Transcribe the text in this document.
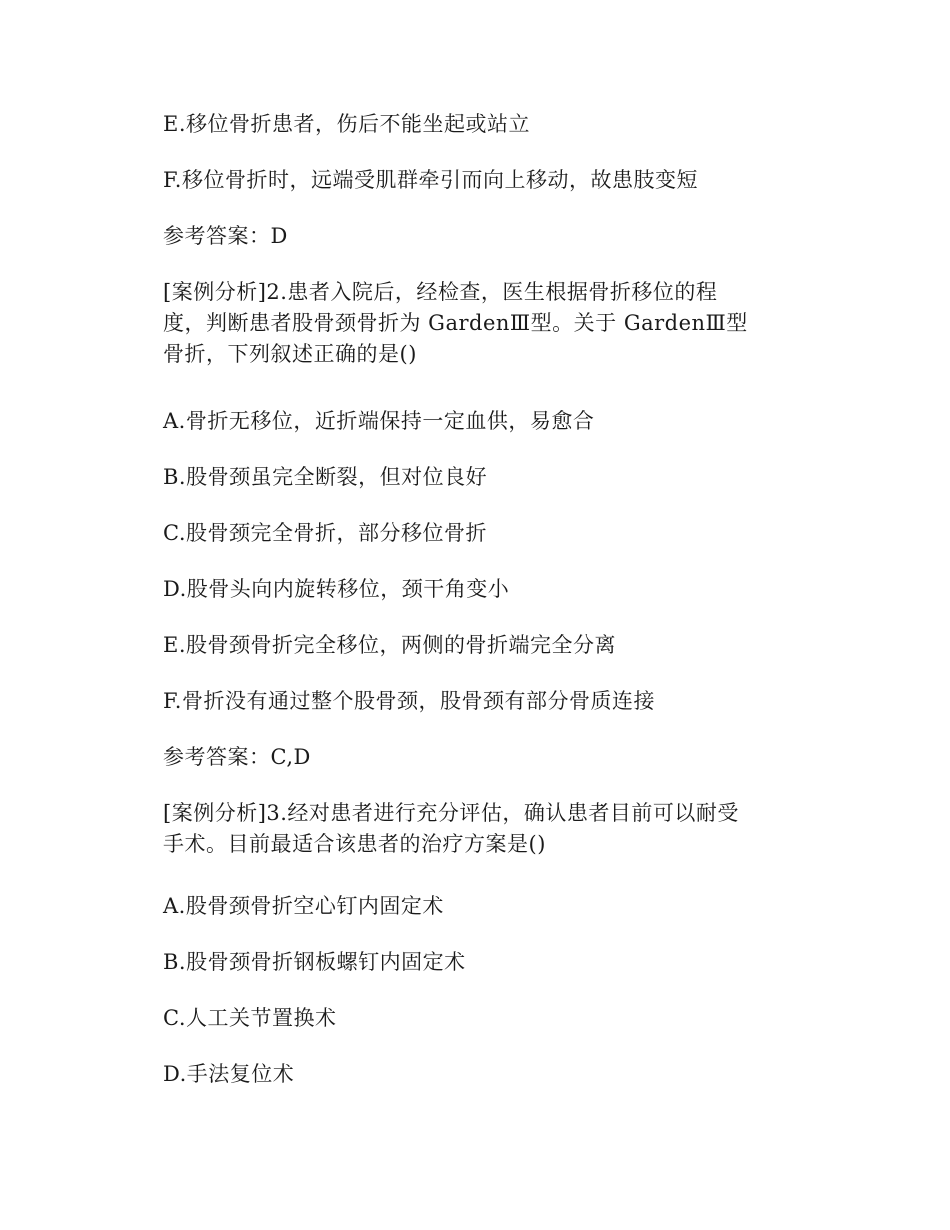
E.移位骨折患者，伤后不能坐起或站立
F.移位骨折时，远端受肌群牵引而向上移动，故患肢变短
参考答案：D
[案例分析]2.患者入院后，经检查，医生根据骨折移位的程
度，判断患者股骨颈骨折为 GardenⅢ型。关于 GardenⅢ型
骨折，下列叙述正确的是()
A.骨折无移位，近折端保持一定血供，易愈合
B.股骨颈虽完全断裂，但对位良好
C.股骨颈完全骨折，部分移位骨折
D.股骨头向内旋转移位，颈干角变小
E.股骨颈骨折完全移位，两侧的骨折端完全分离
F.骨折没有通过整个股骨颈，股骨颈有部分骨质连接
参考答案：C,D
[案例分析]3.经对患者进行充分评估，确认患者目前可以耐受
手术。目前最适合该患者的治疗方案是()
A.股骨颈骨折空心钉内固定术
B.股骨颈骨折钢板螺钉内固定术
C.人工关节置换术
D.手法复位术
